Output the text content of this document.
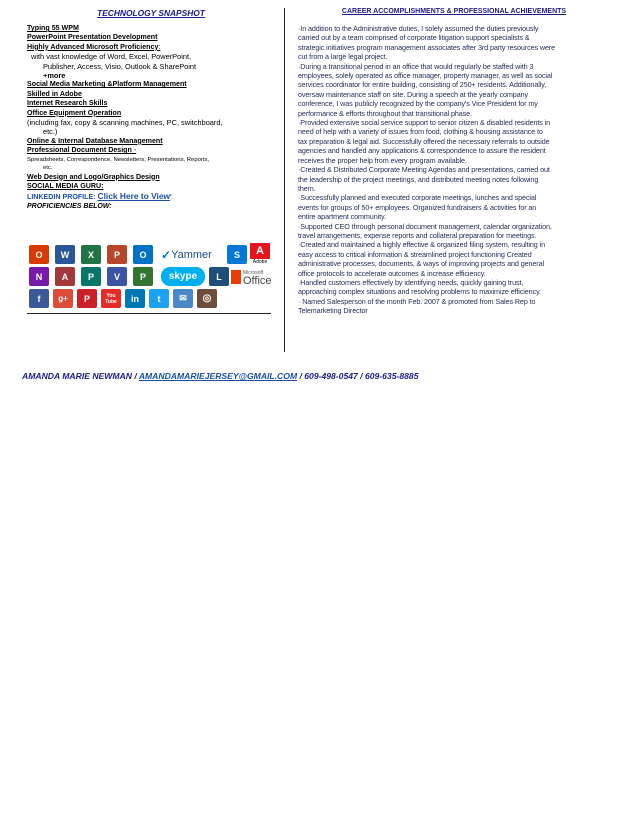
TECHNOLOGY SNAPSHOT
Typing 55 WPM
PowerPoint Presentation Development
Highly Advanced Microsoft Proficiency:
with vast knowledge of Word, Excel, PowerPoint,
Publisher, Access, Visio, Outlook & SharePoint
+more
Social Media Marketing &Platform Management
Skilled in Adobe
Internet Research Skills
Office Equipment Operation
(including fax, copy & scanning machines, PC, switchboard,
etc.)
Online & Internal Database Management
Professional Document Design -
Spreadsheets, Correspondence, Newsletters, Presentations, Reports,
etc.
Web Design and Logo/Graphics Design
SOCIAL MEDIA GURU:
LINKEDIN PROFILE: Click Here to View'
PROFICIENCIES BELOW:
O	W	X	P	O	✓ Yammer	S	A
Adobe
N	A	P	V	P	skype	L	Microsoft
Office
f	g+	P	You Tube	in	t	✉	◎
CAREER ACCOMPLISHMENTS & PROFESSIONAL ACHIEVEMENTS
·In addition to the Administrative duties, I solely assumed the duties previously
carried out by a team comprised of corporate litigation support specialists &
strategic initiatives program management associates after 3rd party resources were
cut from a large legal project.
·During a transitional period in an office that would regularly be staffed with 3
employees, solely operated as office manager, property manager, as well as social
services coordinator for entire building, consisting of 250+ residents. Additionally,
oversaw maintenance staff on site. During a speech at the yearly company
conference, I was publicly recognized by the company's Vice President for my
performance & efforts throughout that transitional phase.
·Provided extensive social service support to senior citizen & disabled residents in
need of help with a variety of issues from food, clothing & housing assistance to
tax preparation & legal aid. Successfully offered the necessary referrals to outside
agencies and handled any applications & correspondence to assure the resident
receives the proper help from every program available.
·Created & Distributed Corporate Meeting Agendas and presentations, carried out
the leadership of the project meetings, and distributed meeting notes following
them.
·Successfully planned and executed corporate meetings, lunches and special
events for groups of 50+ employees. Organized fundraisers & activities for an
entire apartment community.
·Supported CEO through personal document management, calendar organization,
travel arrangements, expense reports and collateral preparation for meetings.
·Created and maintained a highly effective & organized filing system, resulting in
easy access to critical information & streamlined project functioning Created
administrative processes, documents, & ways of improving projects and general
office protocols to accelerate outcomes & increase efficiency.
·Handled customers effectively by identifying needs, quickly gaining trust,
approaching complex situations and resolving problems to maximize efficiency.
· Named Salesperson of the month Feb. 2007 & promoted from Sales Rep to
Telemarketing Director
AMANDA MARIE NEWMAN / AMANDAMARIEJERSEY@GMAIL.COM / 609-498-0547 / 609-635-8885
